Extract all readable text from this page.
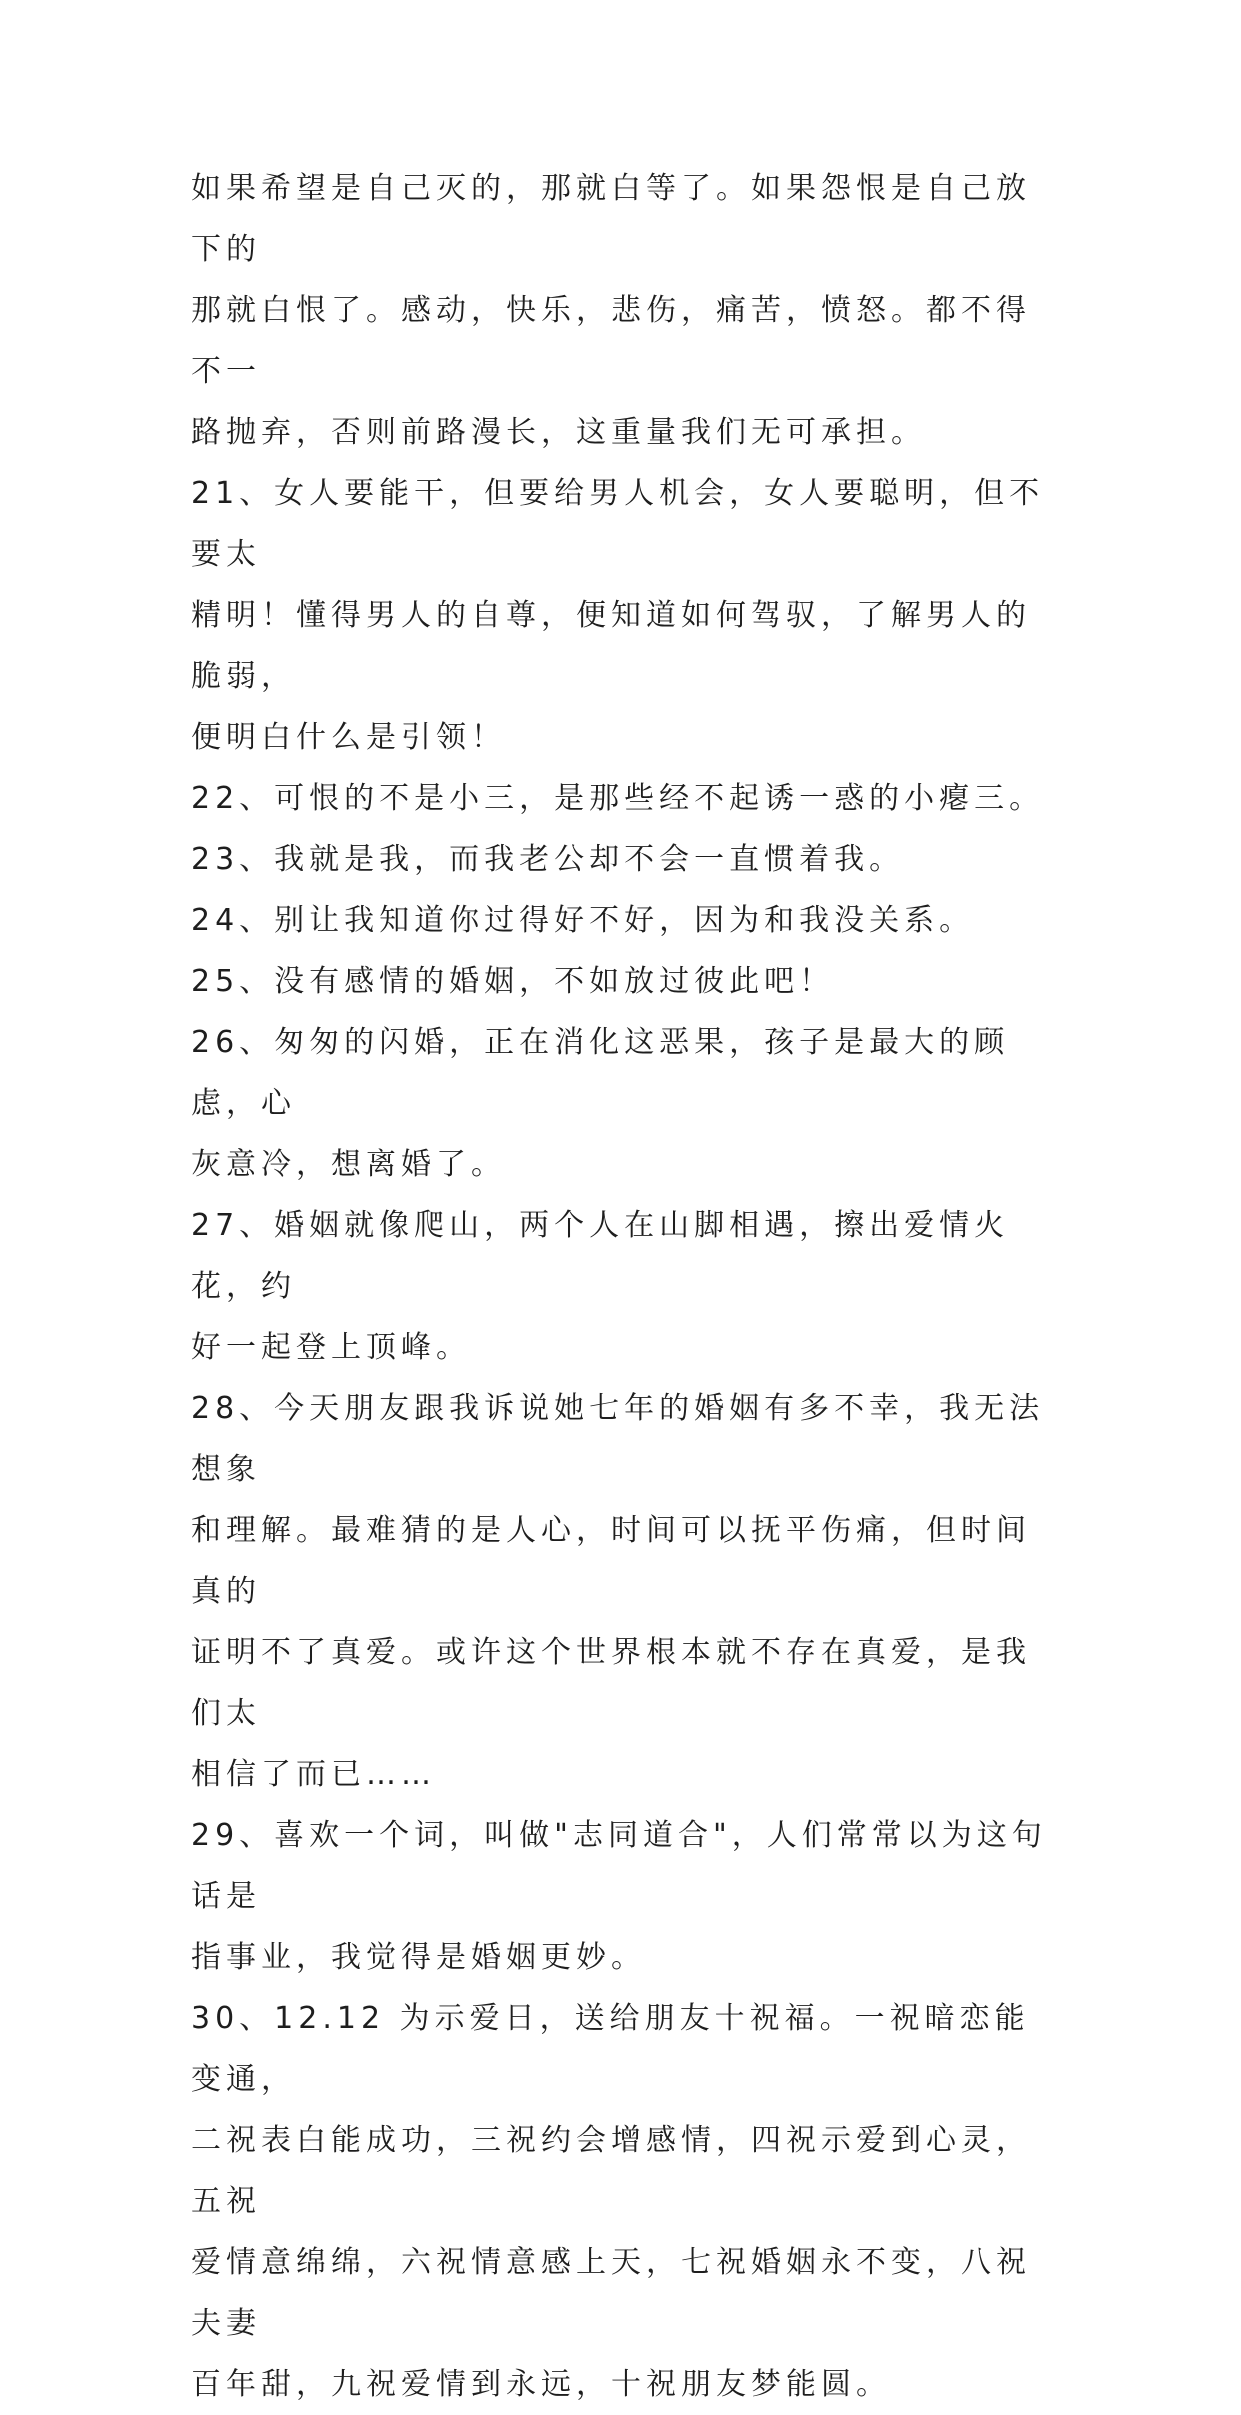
如果希望是自己灭的，那就白等了。如果怨恨是自己放下的
那就白恨了。感动，快乐，悲伤，痛苦，愤怒。都不得不一
路抛弃，否则前路漫长，这重量我们无可承担。

21、女人要能干，但要给男人机会，女人要聪明，但不要太
精明！懂得男人的自尊，便知道如何驾驭，了解男人的脆弱，
便明白什么是引领！

22、可恨的不是小三，是那些经不起诱一惑的小瘪三。

23、我就是我，而我老公却不会一直惯着我。

24、别让我知道你过得好不好，因为和我没关系。

25、没有感情的婚姻，不如放过彼此吧！

26、匆匆的闪婚，正在消化这恶果，孩子是最大的顾虑，心
灰意冷，想离婚了。

27、婚姻就像爬山，两个人在山脚相遇，擦出爱情火花，约
好一起登上顶峰。

28、今天朋友跟我诉说她七年的婚姻有多不幸，我无法想象
和理解。最难猜的是人心，时间可以抚平伤痛，但时间真的
证明不了真爱。或许这个世界根本就不存在真爱，是我们太
相信了而已……

29、喜欢一个词，叫做"志同道合"，人们常常以为这句话是
指事业，我觉得是婚姻更妙。

30、12.12 为示爱日，送给朋友十祝福。一祝暗恋能变通，
二祝表白能成功，三祝约会增感情，四祝示爱到心灵，五祝
爱情意绵绵，六祝情意感上天，七祝婚姻永不变，八祝夫妻
百年甜，九祝爱情到永远，十祝朋友梦能圆。
